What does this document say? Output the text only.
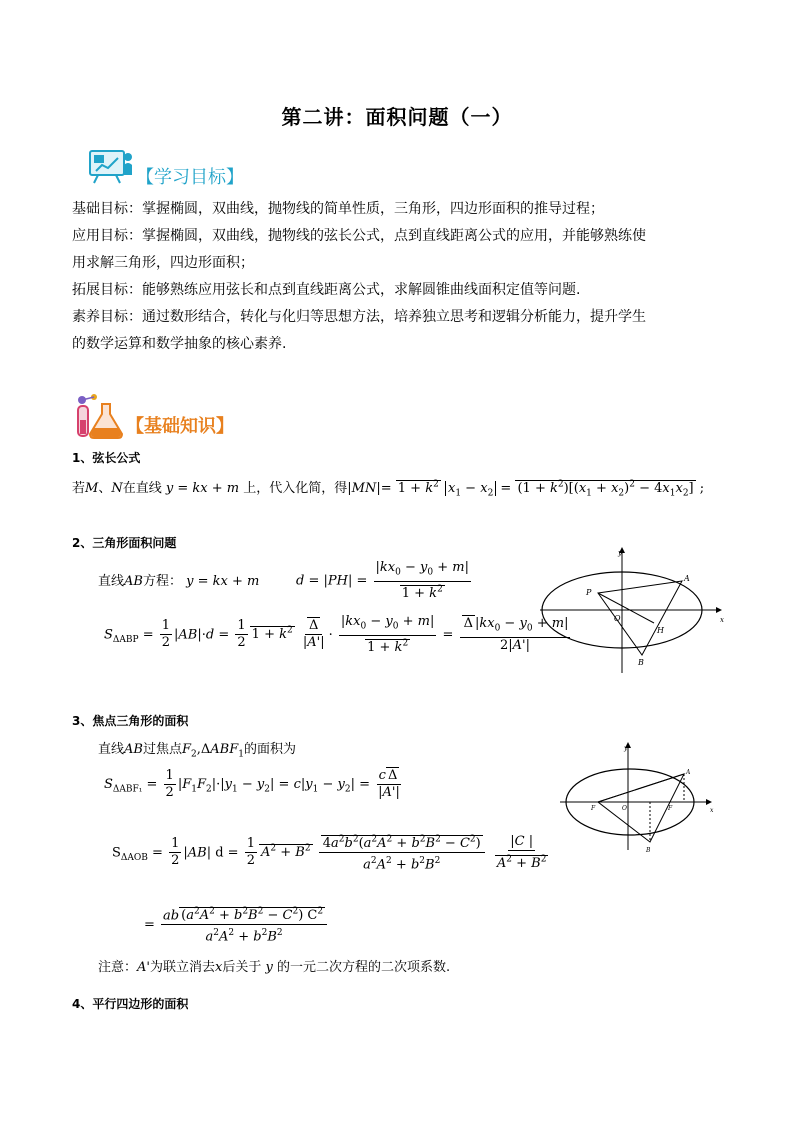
第二讲：面积问题（一）
【学习目标】
基础目标：掌握椭圆，双曲线，抛物线的简单性质，三角形，四边形面积的推导过程；
应用目标：掌握椭圆，双曲线，抛物线的弦长公式，点到直线距离公式的应用，并能够熟练使
用求解三角形，四边形面积；
拓展目标：能够熟练应用弦长和点到直线距离公式，求解圆锥曲线面积定值等问题.
素养目标：通过数形结合，转化与化归等思想方法，培养独立思考和逻辑分析能力，提升学生
的数学运算和数学抽象的核心素养.
【基础知识】
1、弦长公式
若M、N在直线 y = kx + m 上，代入化简，得$|MN|= 1 + k^2$ $x_1 - x_2 = (1 + k^2)[(x_1 + x_2)^2 - 4x_1x_2]$ ;
2、三角形面积问题
直线AB方程： y = kx + m	$d = |PH| = \frac{|kx_0 - y_0 + m|}{1 + k^2}$
$S_{\Delta ABP} = \frac{1}{2} |AB|\cdot d = \frac{1}{2} 1 + k^2 \frac{\Delta}{|A'|} \cdot \frac{|kx_0 - y_0 + m|}{1 + k^2} = \frac{\Delta |kx_0 - y_0 + m|}{2|A'|}$	x
y
A
P
O
H
B
3、焦点三角形的面积
直线AB过焦点$F_2,\Delta ABF_1$的面积为
$S_{\Delta ABF_1} = \frac{1}{2} |F_1F_2|\cdot|y_1 - y_2| = c|y_1 - y_2| = \frac{\text{c Δ}}{|A'|}$
$S_{\Delta AOB} = \frac{1}{2} |AB|$ $d = \frac{1}{2} A^2 + B^2 \frac{4a^2b^2(a^2A^2 + b^2B^2 - C^2)}{a^2A^2 + b^2B^2}$
$\frac{|C |}{A^2 + B^2}$
= $\frac{ab (a^2A^2 + b^2B^2 - C^2) C^2}{a^2A^2 + b^2B^2}$
注意：A'为联立消去x后关于 y 的一元二次方程的二次项系数.
x
y
A
F	O	F
B
4、平行四边形的面积
